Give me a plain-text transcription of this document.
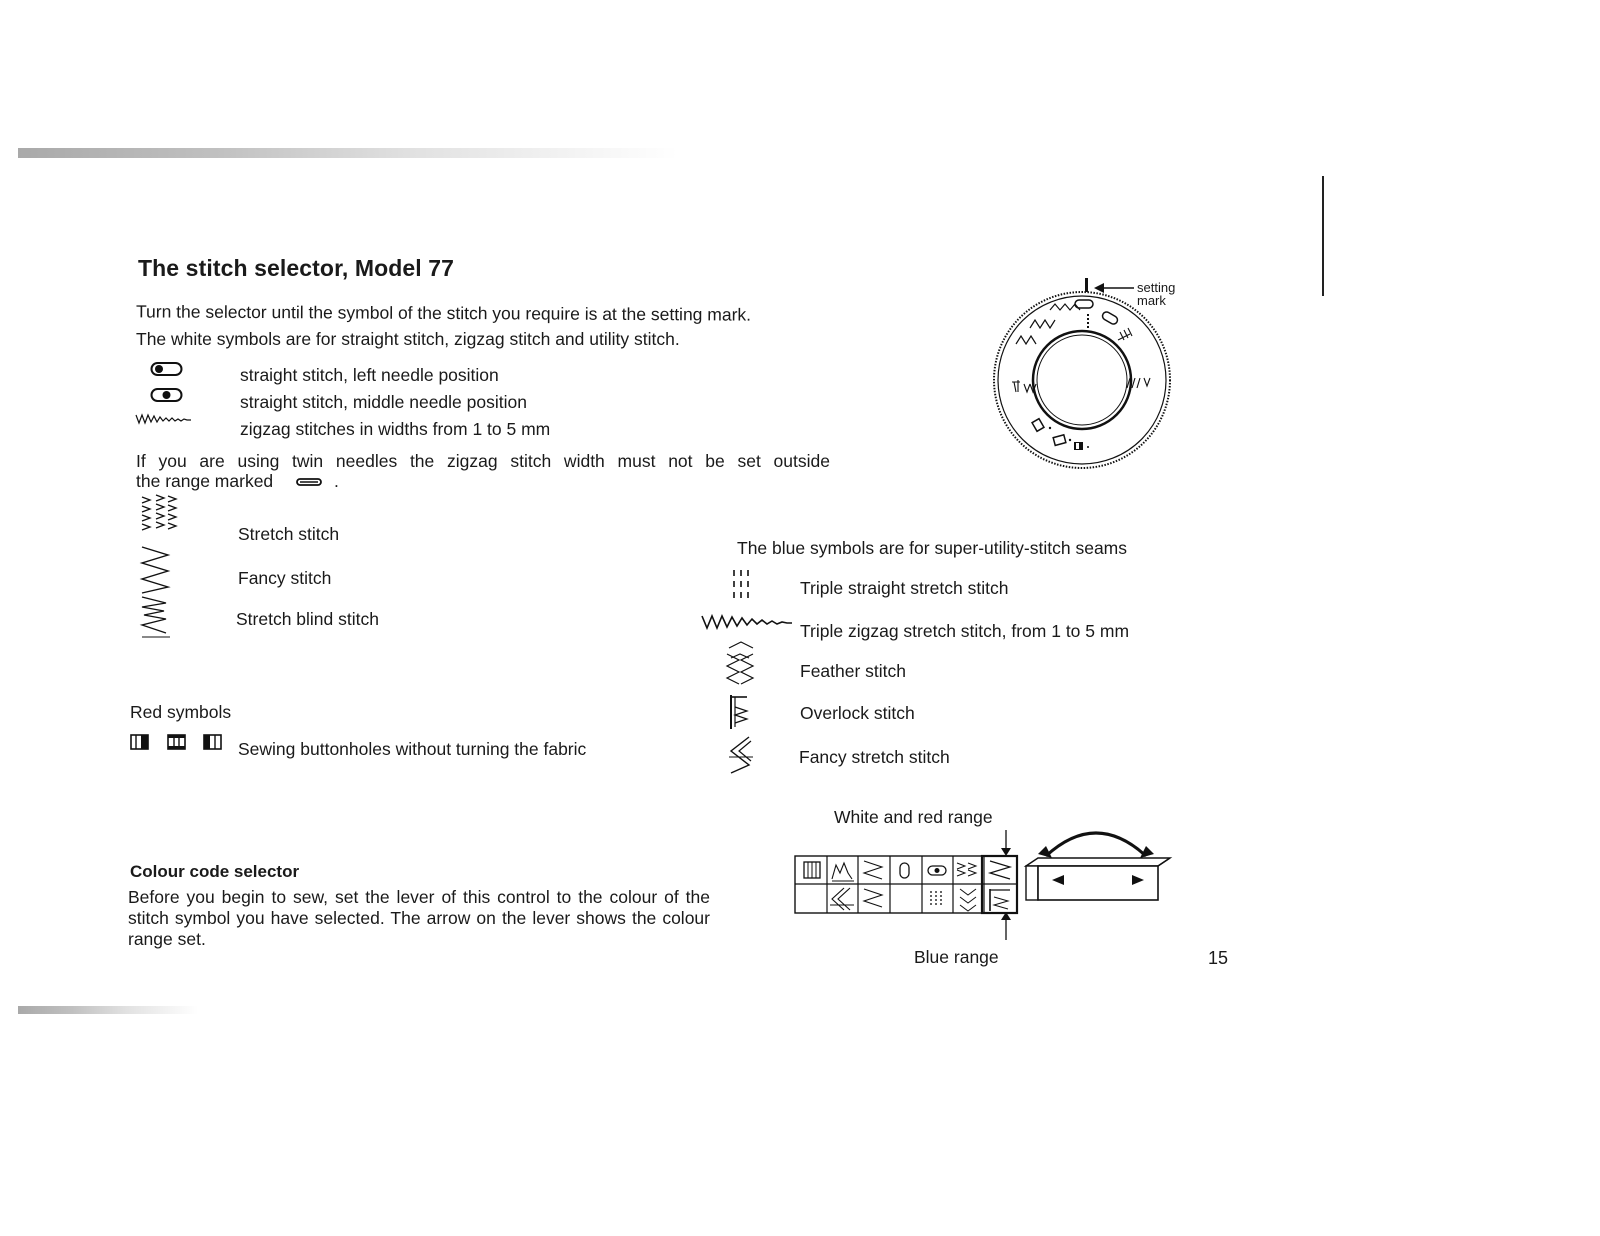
The stitch selector, Model 77
Turn the selector until the symbol of the stitch you require is at the setting mark.
The white symbols are for straight stitch, zigzag stitch and utility stitch.
straight stitch, left needle position
straight stitch, middle needle position
zigzag stitches in widths from 1 to 5 mm
If you are using twin needles the zigzag stitch width must not be set outside
the range marked	.
Stretch stitch
Fancy stitch
Stretch blind stitch
Red symbols
Sewing buttonholes without turning the fabric
Colour code selector
Before you begin to sew, set the lever of this control to the colour of the stitch symbol you have selected. The arrow on the lever shows the colour range set.
setting
mark
The blue symbols are for super-utility-stitch seams
Triple straight stretch stitch
Triple zigzag stretch stitch, from 1 to 5 mm
Feather stitch
Overlock stitch
Fancy stretch stitch
White and red range
Blue range	15
